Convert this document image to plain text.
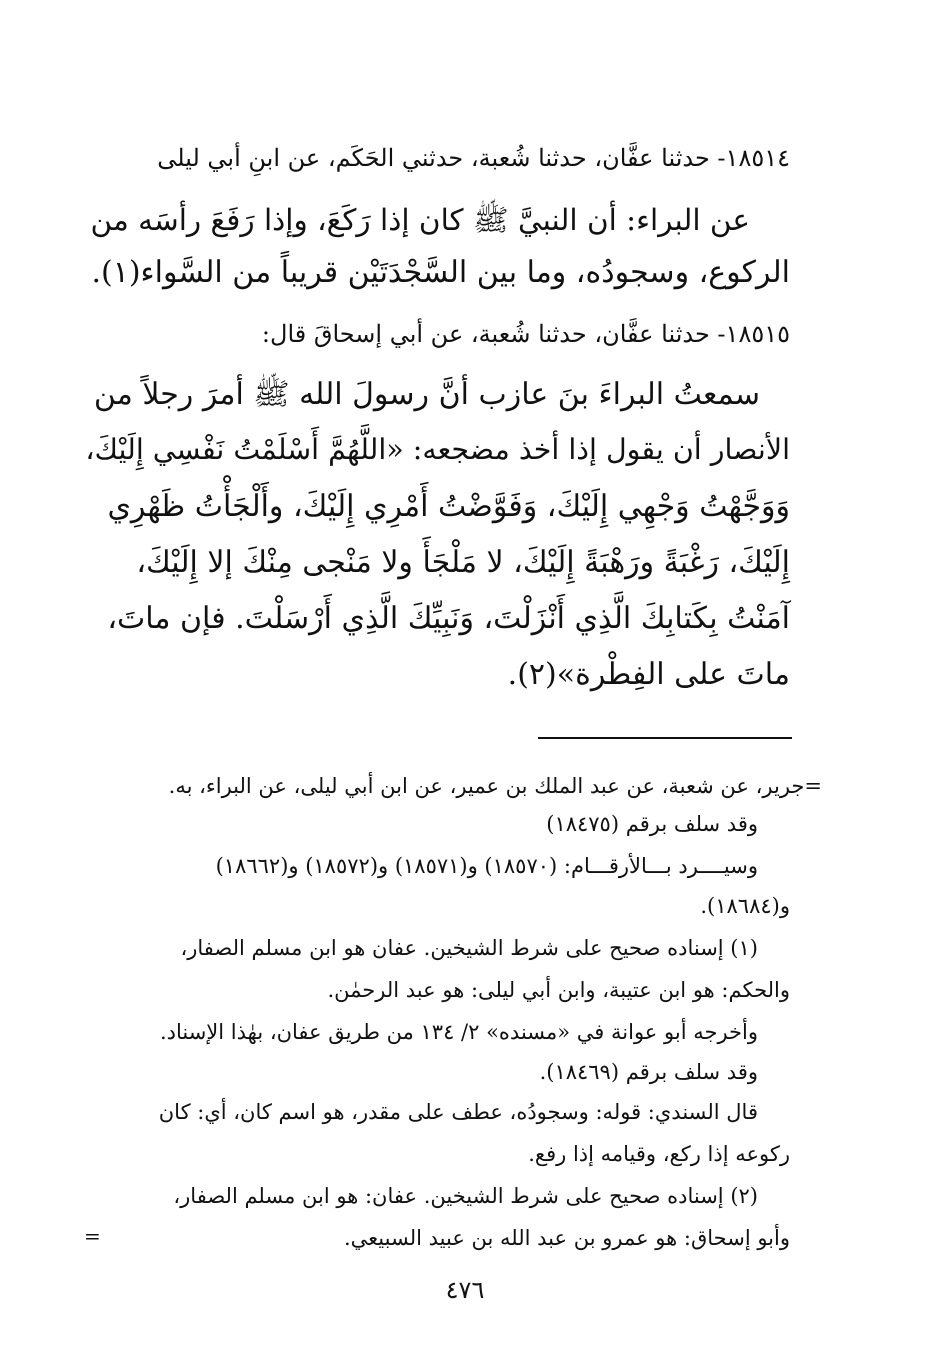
١٨٥١٤- حدثنا عفَّان، حدثنا شُعبة، حدثني الحَكَم، عن ابنِ أبي ليلى
عن البراء: أن النبيَّ ﷺ كان إذا رَكَعَ، وإذا رَفَعَ رأسَه من
الركوع، وسجودُه، وما بين السَّجْدَتَيْن قريباً من السَّواء(١).
١٨٥١٥- حدثنا عفَّان، حدثنا شُعبة، عن أبي إسحاقَ قال:
سمعتُ البراءَ بنَ عازب أنَّ رسولَ الله ﷺ أمرَ رجلاً من
الأنصار أن يقول إذا أخذ مضجعه: «اللَّهُمَّ أَسْلَمْتُ نَفْسِي إِلَيْكَ،
وَوَجَّهْتُ وَجْهِي إِلَيْكَ، وَفَوَّضْتُ أَمْرِي إِلَيْكَ، وأَلْجَأْتُ ظَهْرِي
إِلَيْكَ، رَغْبَةً ورَهْبَةً إِلَيْكَ، لا مَلْجَأَ ولا مَنْجى مِنْكَ إلا إِلَيْكَ،
آمَنْتُ بِكَتابِكَ الَّذِي أَنْزَلْتَ، وَنَبِيِّكَ الَّذِي أَرْسَلْتَ. فإن ماتَ،
ماتَ على الفِطْرة»(٢).
=جرير، عن شعبة، عن عبد الملك بن عمير، عن ابن أبي ليلى، عن البراء، به.
وقد سلف برقم (١٨٤٧٥)
وسيــــرد بـــالأرقـــام: (١٨٥٧٠) و(١٨٥٧١) و(١٨٥٧٢) و(١٨٦٦٢)
و(١٨٦٨٤).
(١) إسناده صحيح على شرط الشيخين. عفان هو ابن مسلم الصفار،
والحكم: هو ابن عتيبة، وابن أبي ليلى: هو عبد الرحمٰن.
وأخرجه أبو عوانة في «مسنده» ٢/ ١٣٤ من طريق عفان، بهٰذا الإسناد.
وقد سلف برقم (١٨٤٦٩).
قال السندي: قوله: وسجودُه، عطف على مقدر، هو اسم كان، أي: كان
ركوعه إذا ركع، وقيامه إذا رفع.
(٢) إسناده صحيح على شرط الشيخين. عفان: هو ابن مسلم الصفار،
وأبو إسحاق: هو عمرو بن عبد الله بن عبيد السبيعي.
=
٤٧٦
